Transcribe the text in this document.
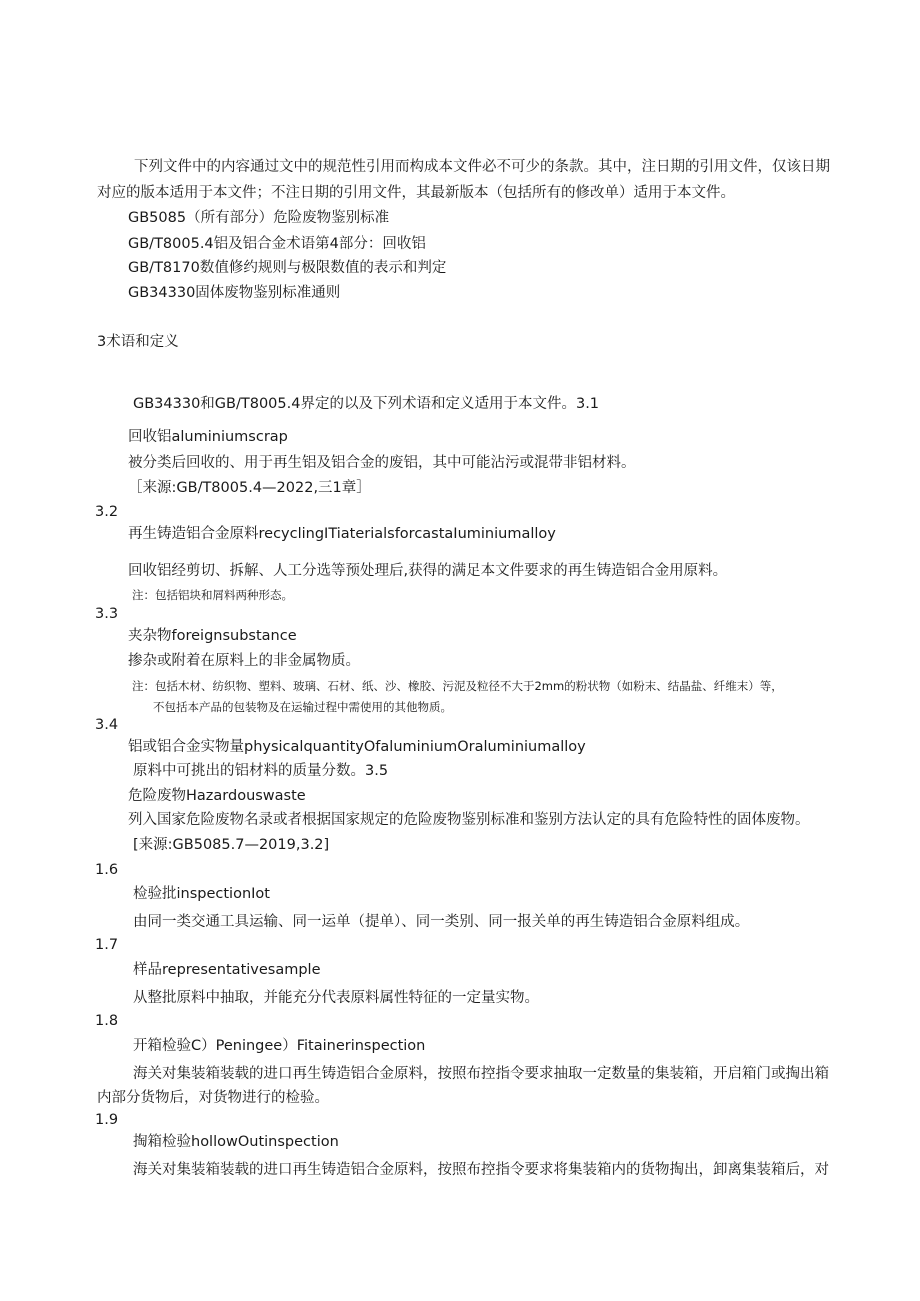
下列文件中的内容通过文中的规范性引用而构成本文件必不可少的条款。其中，注日期的引用文件，仅该日期
对应的版本适用于本文件；不注日期的引用文件，其最新版本（包括所有的修改单）适用于本文件。
GB5085（所有部分）危险废物鉴别标准
GB/T8005.4铝及铝合金术语第4部分：回收铝
GB/T8170数值修约规则与极限数值的表示和判定
GB34330固体废物鉴别标准通则
3术语和定义
GB34330和GB/T8005.4界定的以及下列术语和定义适用于本文件。3.1
回收铝aluminiumscrap
被分类后回收的、用于再生铝及铝合金的废铝，其中可能沾污或混带非铝材料。
［来源:GB/T8005.4—2022,三1章］
3.2
再生铸造铝合金原料recyclingITiaterialsforcastaIuminiumalloy
回收铝经剪切、拆解、人工分选等预处理后,获得的满足本文件要求的再生铸造铝合金用原料。
注：包括铝块和屑料两种形态。
3.3
夹杂物foreignsubstance
掺杂或附着在原料上的非金属物质。
注：包括木材、纺织物、塑料、玻璃、石材、纸、沙、橡胶、污泥及粒径不大于2mm的粉状物（如粉末、结晶盐、纤维末）等，
不包括本产品的包装物及在运输过程中需使用的其他物质。
3.4
铝或铝合金实物量physicalquantityOfaluminiumOraluminiumalloy
原料中可挑出的铝材料的质量分数。3.5
危险废物Hazardouswaste
列入国家危险废物名录或者根据国家规定的危险废物鉴别标准和鉴别方法认定的具有危险特性的固体废物。
[来源:GB5085.7—2019,3.2]
1.6
检验批inspectionIot
由同一类交通工具运输、同一运单（提单）、同一类别、同一报关单的再生铸造铝合金原料组成。
1.7
样品representativesample
从整批原料中抽取，并能充分代表原料属性特征的一定量实物。
1.8
开箱检验C）Peningee）Fitainerinspection
海关对集装箱装载的进口再生铸造铝合金原料，按照布控指令要求抽取一定数量的集装箱，开启箱门或掏出箱
内部分货物后，对货物进行的检验。
1.9
掏箱检验hollowOutinspection
海关对集装箱装载的进口再生铸造铝合金原料，按照布控指令要求将集装箱内的货物掏出，卸离集装箱后，对
